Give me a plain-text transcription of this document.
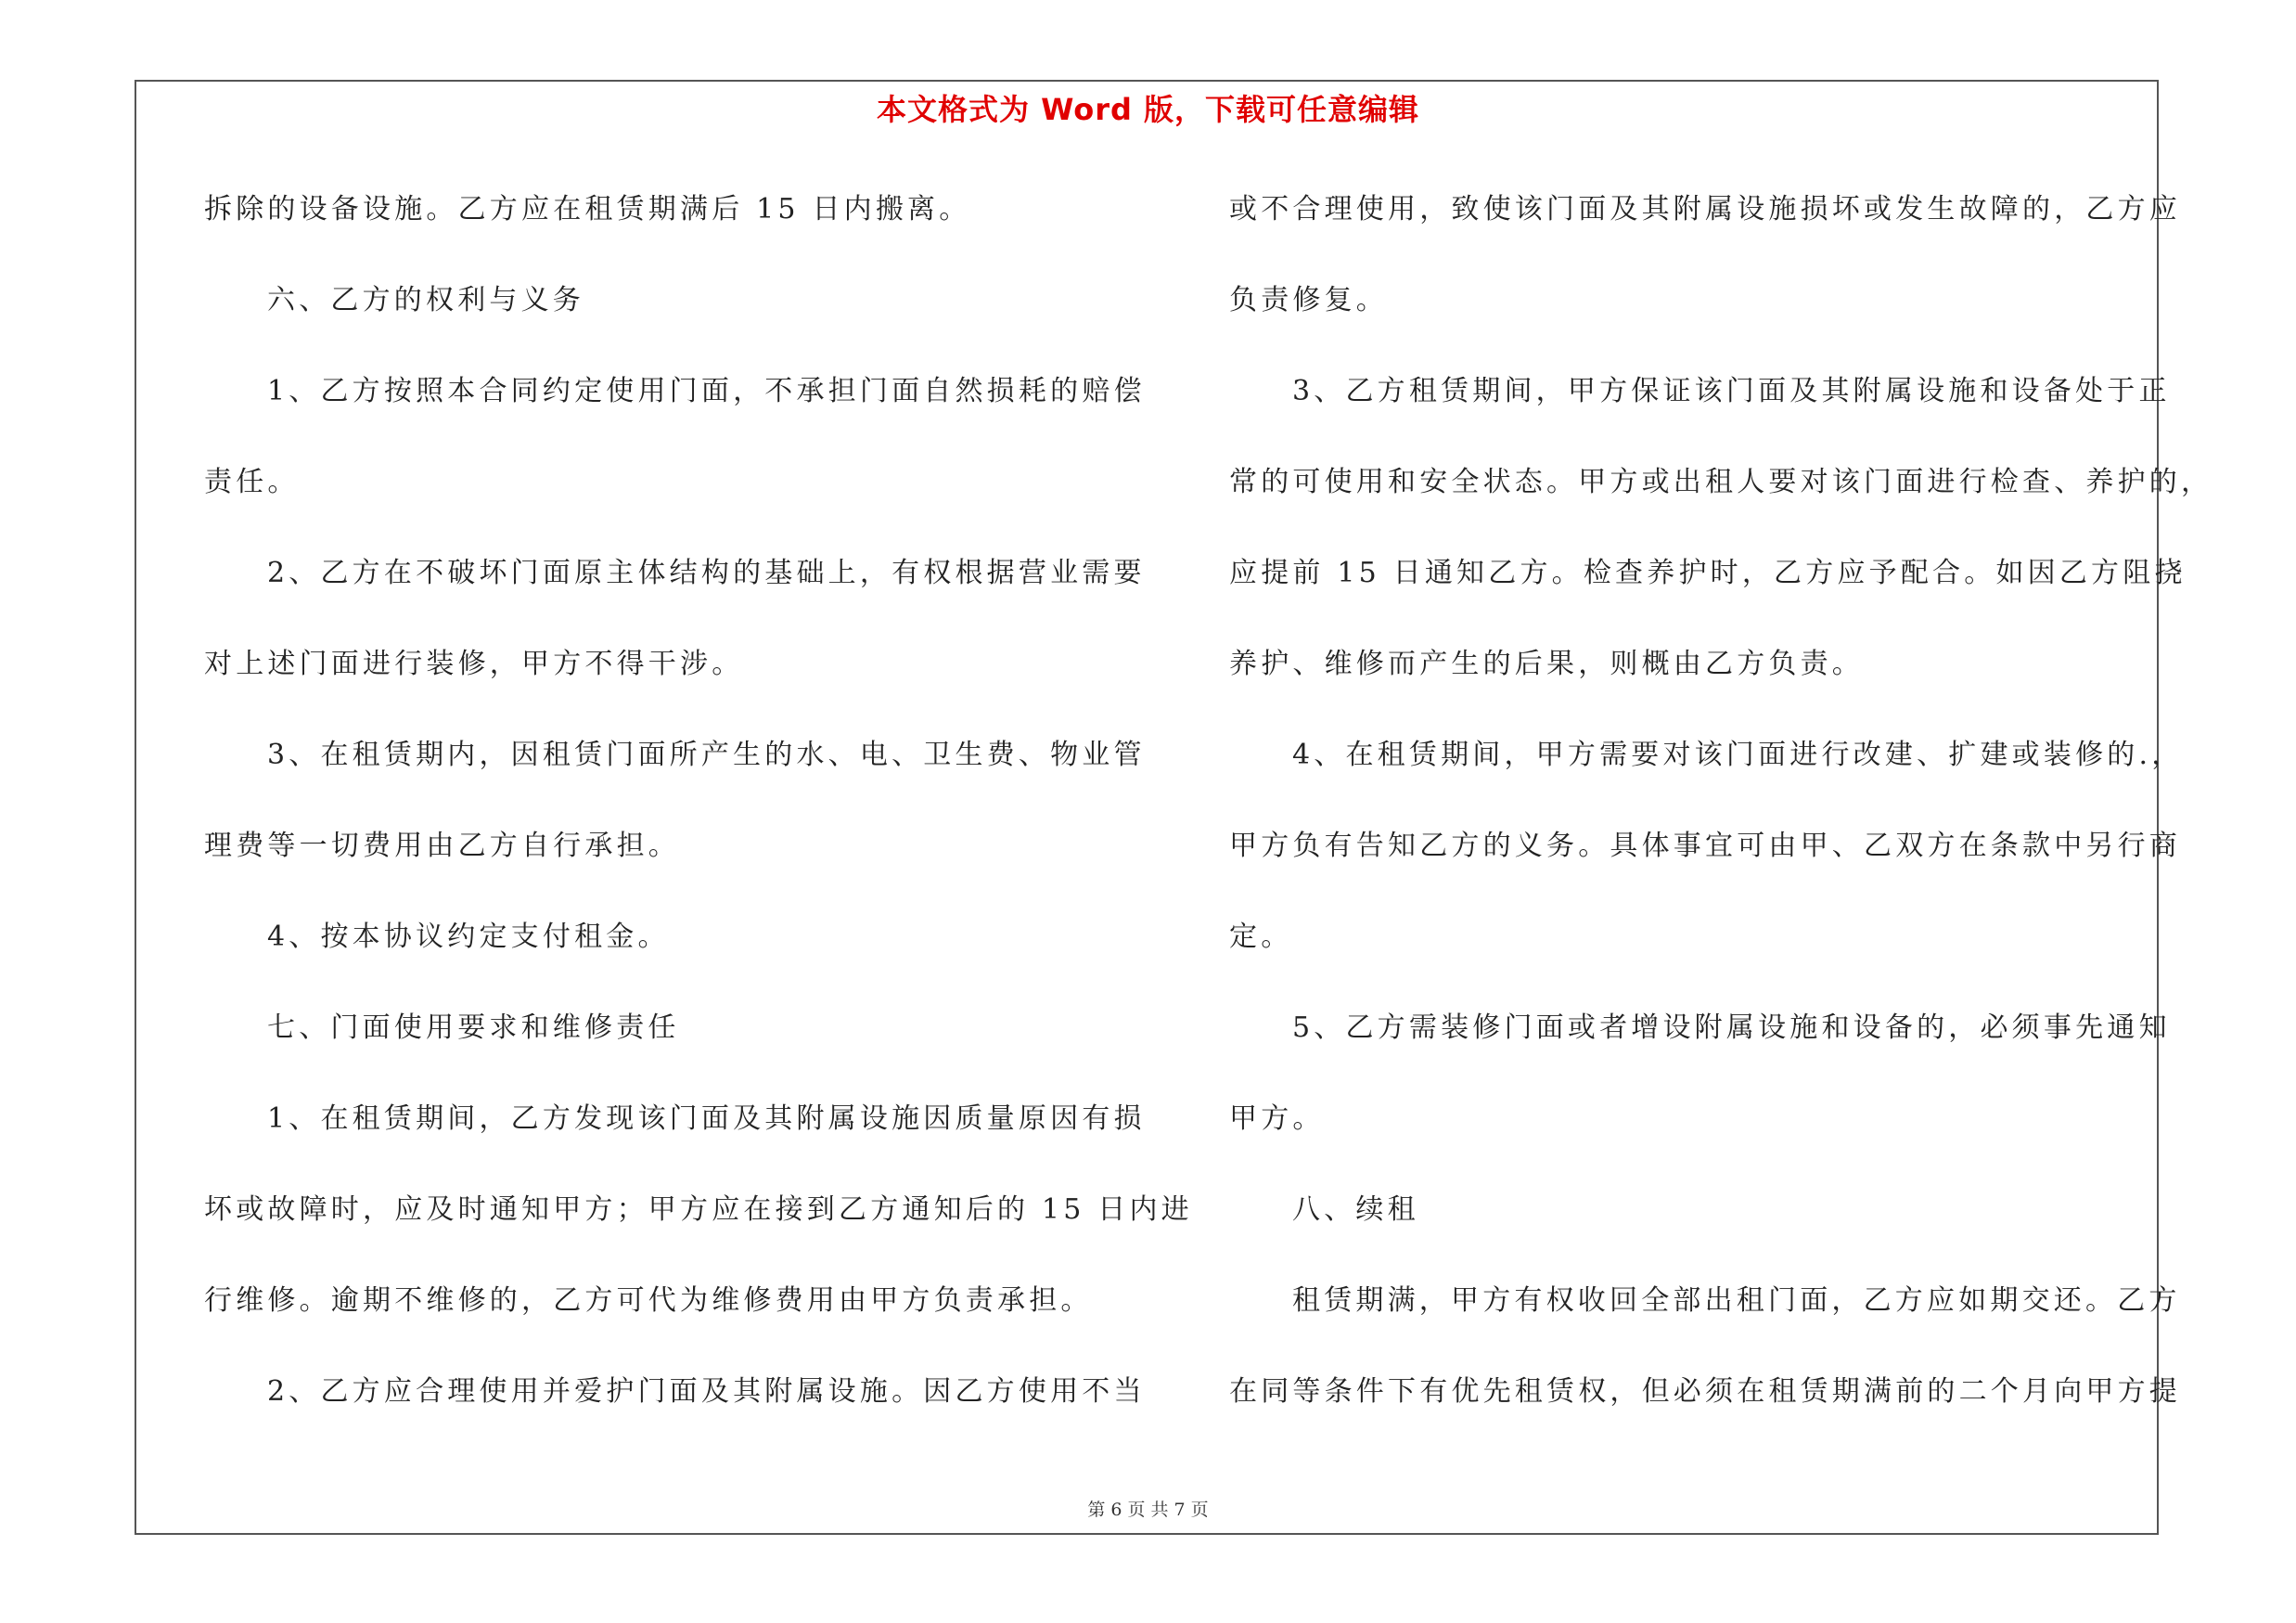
本文格式为 Word 版，下载可任意编辑
拆除的设备设施。乙方应在租赁期满后 15 日内搬离。
六、乙方的权利与义务
1、乙方按照本合同约定使用门面，不承担门面自然损耗的赔偿
责任。
2、乙方在不破坏门面原主体结构的基础上，有权根据营业需要
对上述门面进行装修，甲方不得干涉。
3、在租赁期内，因租赁门面所产生的水、电、卫生费、物业管
理费等一切费用由乙方自行承担。
4、按本协议约定支付租金。
七、门面使用要求和维修责任
1、在租赁期间，乙方发现该门面及其附属设施因质量原因有损
坏或故障时，应及时通知甲方；甲方应在接到乙方通知后的 15 日内进
行维修。逾期不维修的，乙方可代为维修费用由甲方负责承担。
2、乙方应合理使用并爱护门面及其附属设施。因乙方使用不当
或不合理使用，致使该门面及其附属设施损坏或发生故障的，乙方应
负责修复。
3、乙方租赁期间，甲方保证该门面及其附属设施和设备处于正
常的可使用和安全状态。甲方或出租人要对该门面进行检查、养护的，
应提前 15 日通知乙方。检查养护时，乙方应予配合。如因乙方阻挠
养护、维修而产生的后果，则概由乙方负责。
4、在租赁期间，甲方需要对该门面进行改建、扩建或装修的.，
甲方负有告知乙方的义务。具体事宜可由甲、乙双方在条款中另行商
定。
5、乙方需装修门面或者增设附属设施和设备的，必须事先通知
甲方。
八、续租
租赁期满，甲方有权收回全部出租门面，乙方应如期交还。乙方
在同等条件下有优先租赁权，但必须在租赁期满前的二个月向甲方提
第 6 页 共 7 页
